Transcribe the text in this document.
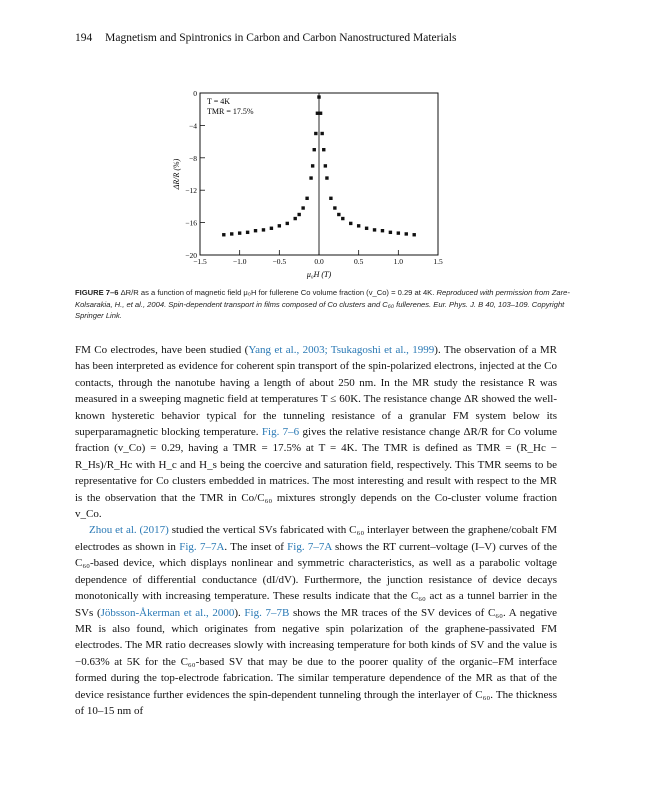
194 Magnetism and Spintronics in Carbon and Carbon Nanostructured Materials
0
−4
−8
−12
−16
−20
−1.5	−1.0	−0.5	0.0	0.5	1.0	1.5
T = 4K
TMR = 17.5%
ΔR/R (%)
μ₀H (T)
FIGURE 7–6 ΔR/R as a function of magnetic field μ₀H for fullerene Co volume fraction (v_Co) = 0.29 at 4K. Reproduced with permission from Zare-Kolsarakia, H., et al., 2004. Spin-dependent transport in films composed of Co clusters and C₆₀ fullerenes. Eur. Phys. J. B 40, 103–109. Copyright Springer Link.

FM Co electrodes, have been studied (Yang et al., 2003; Tsukagoshi et al., 1999). The observation of a MR has been interpreted as evidence for coherent spin transport of the spin-polarized electrons, injected at the Co contacts, through the nanotube having a length of about 250 nm. In the MR study the resistance R was measured in a sweeping magnetic field at temperatures T ≤ 60K. The resistance change ΔR showed the well-known hysteretic behavior typical for the tunneling resistance of a granular FM system below its superparamagnetic blocking temperature. Fig. 7–6 gives the relative resistance change ΔR/R for Co volume fraction (v_Co) = 0.29, having a TMR = 17.5% at T = 4K. The TMR is defined as TMR = (R_Hc − R_Hs)/R_Hc with H_c and H_s being the coercive and saturation field, respectively. This TMR seems to be representative for Co clusters embedded in matrices. The most interesting and result with respect to the MR is the observation that the TMR in Co/C₆₀ mixtures strongly depends on the Co-cluster volume fraction v_Co.

Zhou et al. (2017) studied the vertical SVs fabricated with C₆₀ interlayer between the graphene/cobalt FM electrodes as shown in Fig. 7–7A. The inset of Fig. 7–7A shows the RT current–voltage (I–V) curves of the C₆₀-based device, which displays nonlinear and symmetric characteristics, as well as a parabolic voltage dependence of differential conductance (dI/dV). Furthermore, the junction resistance of device decays monotonically with increasing temperature. These results indicate that the C₆₀ act as a tunnel barrier in the SVs (Jöbsson-Åkerman et al., 2000). Fig. 7–7B shows the MR traces of the SV devices of C₆₀. A negative MR is also found, which originates from negative spin polarization of the graphene-passivated FM electrodes. The MR ratio decreases slowly with increasing temperature for both kinds of SV and the value is −0.63% at 5K for the C₆₀-based SV that may be due to the poorer quality of the organic–FM interface formed during the top-electrode fabrication. The similar temperature dependence of the MR as that of the device resistance further evidences the spin-dependent tunneling through the interlayer of C₆₀. The thickness of 10–15 nm of
